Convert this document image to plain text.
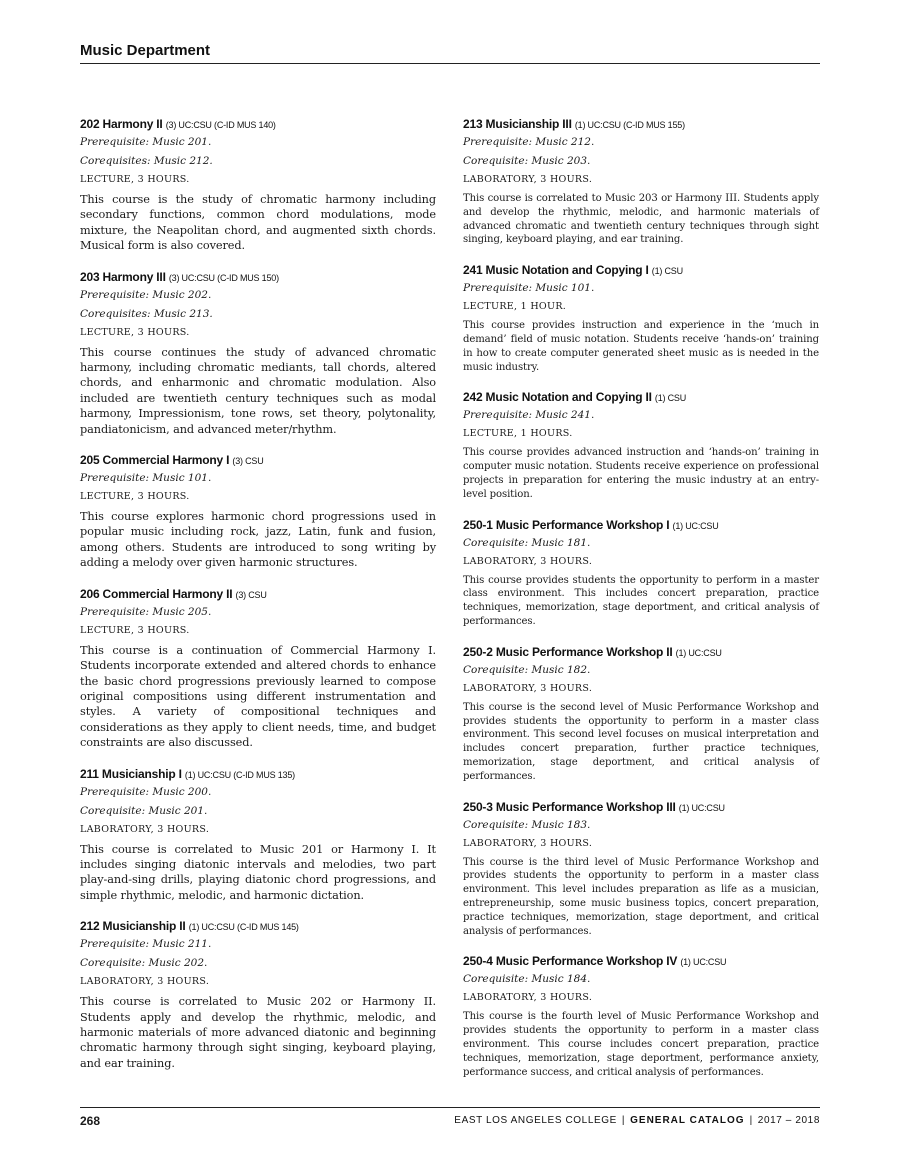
Music Department
202 Harmony II (3) UC:CSU (C-ID MUS 140)
Prerequisite: Music 201.
Corequisites: Music 212.
LECTURE, 3 HOURS.
This course is the study of chromatic harmony including secondary functions, common chord modulations, mode mixture, the Neapolitan chord, and augmented sixth chords. Musical form is also covered.
203 Harmony III (3) UC:CSU (C-ID MUS 150)
Prerequisite: Music 202.
Corequisites: Music 213.
LECTURE, 3 HOURS.
This course continues the study of advanced chromatic harmony, including chromatic mediants, tall chords, altered chords, and enharmonic and chromatic modulation. Also included are twentieth century techniques such as modal harmony, Impressionism, tone rows, set theory, polytonality, pandiatonicism, and advanced meter/rhythm.
205 Commercial Harmony I (3) CSU
Prerequisite: Music 101.
LECTURE, 3 HOURS.
This course explores harmonic chord progressions used in popular music including rock, jazz, Latin, funk and fusion, among others. Students are introduced to song writing by adding a melody over given harmonic structures.
206 Commercial Harmony II (3) CSU
Prerequisite: Music 205.
LECTURE, 3 HOURS.
This course is a continuation of Commercial Harmony I. Students incorporate extended and altered chords to enhance the basic chord progressions previously learned to compose original compositions using different instrumentation and styles. A variety of compositional techniques and considerations as they apply to client needs, time, and budget constraints are also discussed.
211 Musicianship I (1) UC:CSU (C-ID MUS 135)
Prerequisite: Music 200.
Corequisite: Music 201.
LABORATORY, 3 HOURS.
This course is correlated to Music 201 or Harmony I. It includes singing diatonic intervals and melodies, two part play-and-sing drills, playing diatonic chord progressions, and simple rhythmic, melodic, and harmonic dictation.
212 Musicianship II (1) UC:CSU (C-ID MUS 145)
Prerequisite: Music 211.
Corequisite: Music 202.
LABORATORY, 3 HOURS.
This course is correlated to Music 202 or Harmony II. Students apply and develop the rhythmic, melodic, and harmonic materials of more advanced diatonic and beginning chromatic harmony through sight singing, keyboard playing, and ear training.
213 Musicianship III (1) UC:CSU (C-ID MUS 155)
Prerequisite: Music 212.
Corequisite: Music 203.
LABORATORY, 3 HOURS.
This course is correlated to Music 203 or Harmony III. Students apply and develop the rhythmic, melodic, and harmonic materials of advanced chromatic and twentieth century techniques through sight singing, keyboard playing, and ear training.
241 Music Notation and Copying I (1) CSU
Prerequisite: Music 101.
LECTURE, 1 HOUR.
This course provides instruction and experience in the ‘much in demand’ field of music notation. Students receive ‘hands-on’ training in how to create computer generated sheet music as is needed in the music industry.
242 Music Notation and Copying II (1) CSU
Prerequisite: Music 241.
LECTURE, 1 HOURS.
This course provides advanced instruction and ‘hands-on’ training in computer music notation. Students receive experience on professional projects in preparation for entering the music industry at an entry-level position.
250-1 Music Performance Workshop I (1) UC:CSU
Corequisite: Music 181.
LABORATORY, 3 HOURS.
This course provides students the opportunity to perform in a master class environment. This includes concert preparation, practice techniques, memorization, stage deportment, and critical analysis of performances.
250-2 Music Performance Workshop II (1) UC:CSU
Corequisite: Music 182.
LABORATORY, 3 HOURS.
This course is the second level of Music Performance Workshop and provides students the opportunity to perform in a master class environment. This second level focuses on musical interpretation and includes concert preparation, further practice techniques, memorization, stage deportment, and critical analysis of performances.
250-3 Music Performance Workshop III (1) UC:CSU
Corequisite: Music 183.
LABORATORY, 3 HOURS.
This course is the third level of Music Performance Workshop and provides students the opportunity to perform in a master class environment. This level includes preparation as life as a musician, entrepreneurship, some music business topics, concert preparation, practice techniques, memorization, stage deportment, and critical analysis of performances.
250-4 Music Performance Workshop IV (1) UC:CSU
Corequisite: Music 184.
LABORATORY, 3 HOURS.
This course is the fourth level of Music Performance Workshop and provides students the opportunity to perform in a master class environment. This course includes concert preparation, practice techniques, memorization, stage deportment, performance anxiety, performance success, and critical analysis of performances.
268	EAST LOS ANGELES COLLEGE | GENERAL CATALOG | 2017 – 2018
